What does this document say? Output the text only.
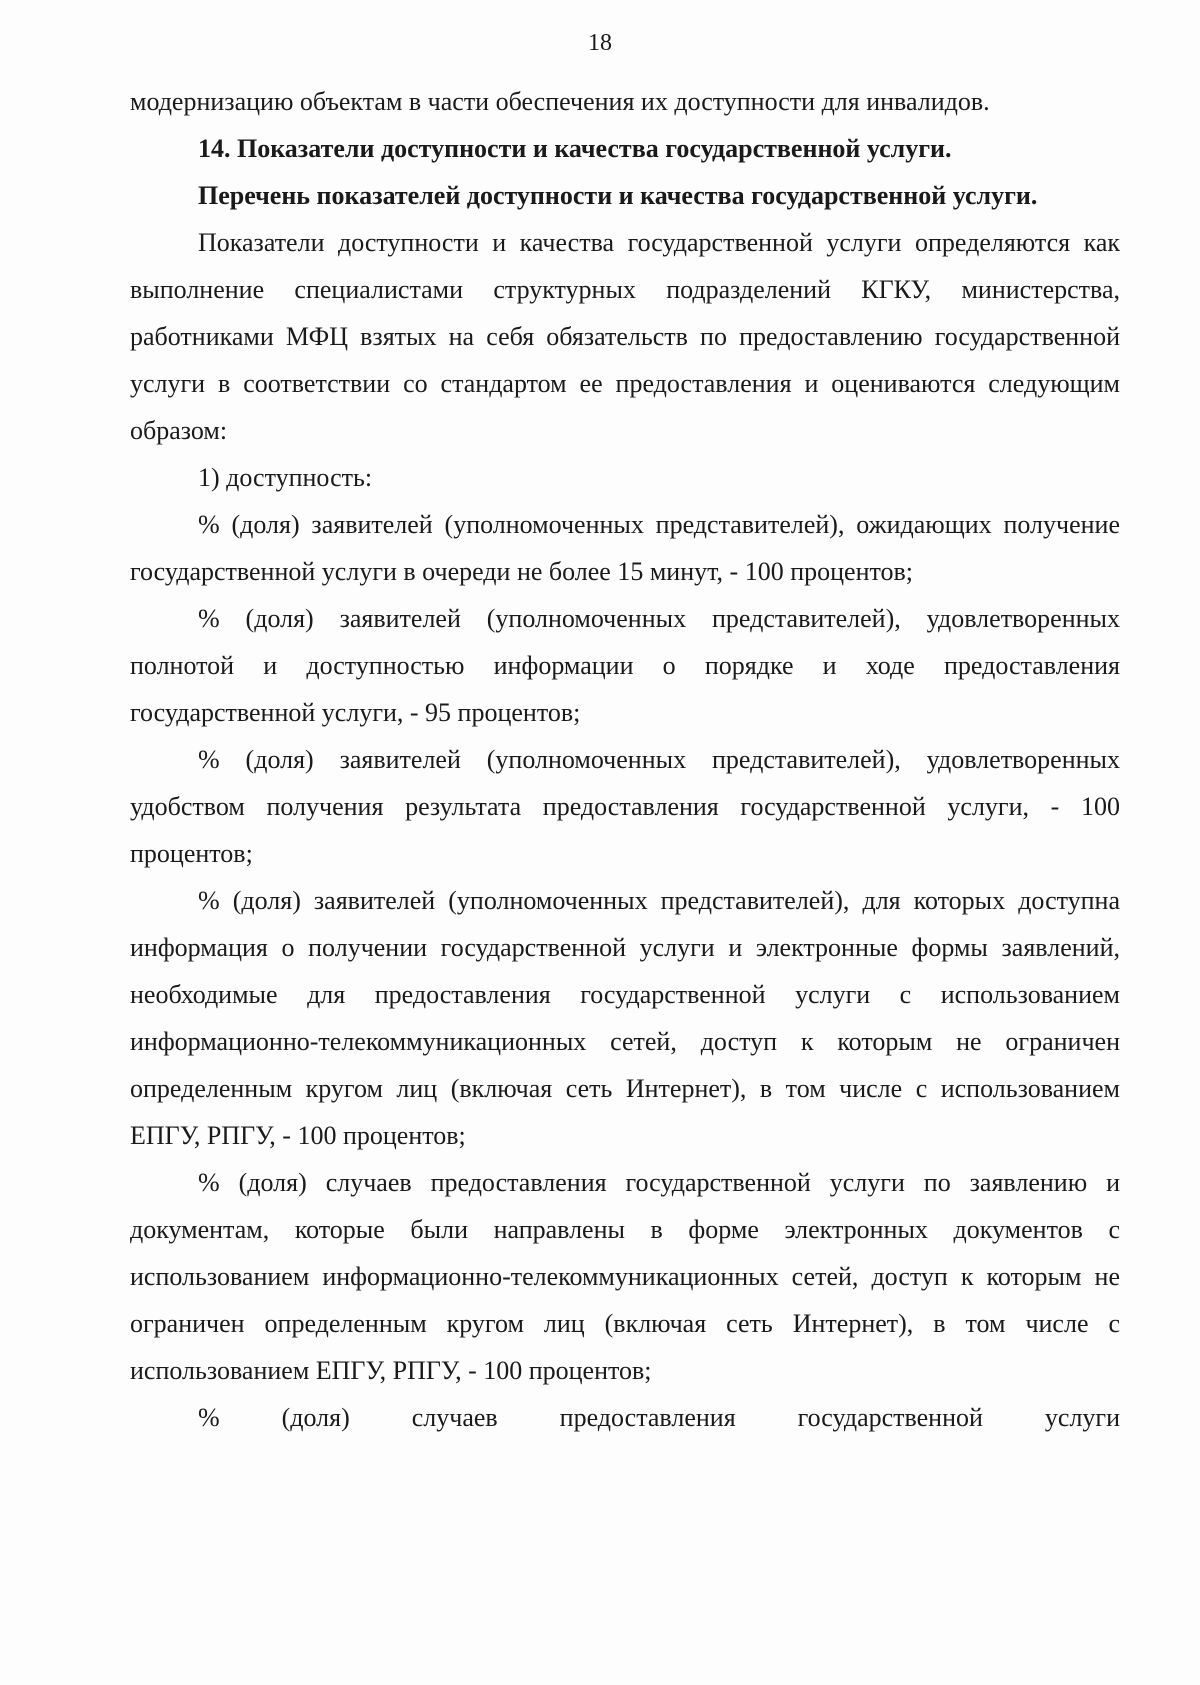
18

модернизацию объектам в части обеспечения их доступности для инвалидов.

14. Показатели доступности и качества государственной услуги.

Перечень показателей доступности и качества государственной услуги.

Показатели доступности и качества государственной услуги определяются как выполнение специалистами структурных подразделений КГКУ, министерства, работниками МФЦ взятых на себя обязательств по предоставлению государственной услуги в соответствии со стандартом ее предоставления и оцениваются следующим образом:

1) доступность:

% (доля) заявителей (уполномоченных представителей), ожидающих получение государственной услуги в очереди не более 15 минут, - 100 процентов;

% (доля) заявителей (уполномоченных представителей), удовлетворенных полнотой и доступностью информации о порядке и ходе предоставления государственной услуги, - 95 процентов;

% (доля) заявителей (уполномоченных представителей), удовлетворенных удобством получения результата предоставления государственной услуги, - 100 процентов;

% (доля) заявителей (уполномоченных представителей), для которых доступна информация о получении государственной услуги и электронные формы заявлений, необходимые для предоставления государственной услуги с использованием информационно-телекоммуникационных сетей, доступ к которым не ограничен определенным кругом лиц (включая сеть Интернет), в том числе с использованием ЕПГУ, РПГУ, - 100 процентов;

% (доля) случаев предоставления государственной услуги по заявлению и документам, которые были направлены в форме электронных документов с использованием информационно-телекоммуникационных сетей, доступ к которым не ограничен определенным кругом лиц (включая сеть Интернет), в том числе с использованием ЕПГУ, РПГУ, - 100 процентов;

% (доля) случаев предоставления государственной услуги
